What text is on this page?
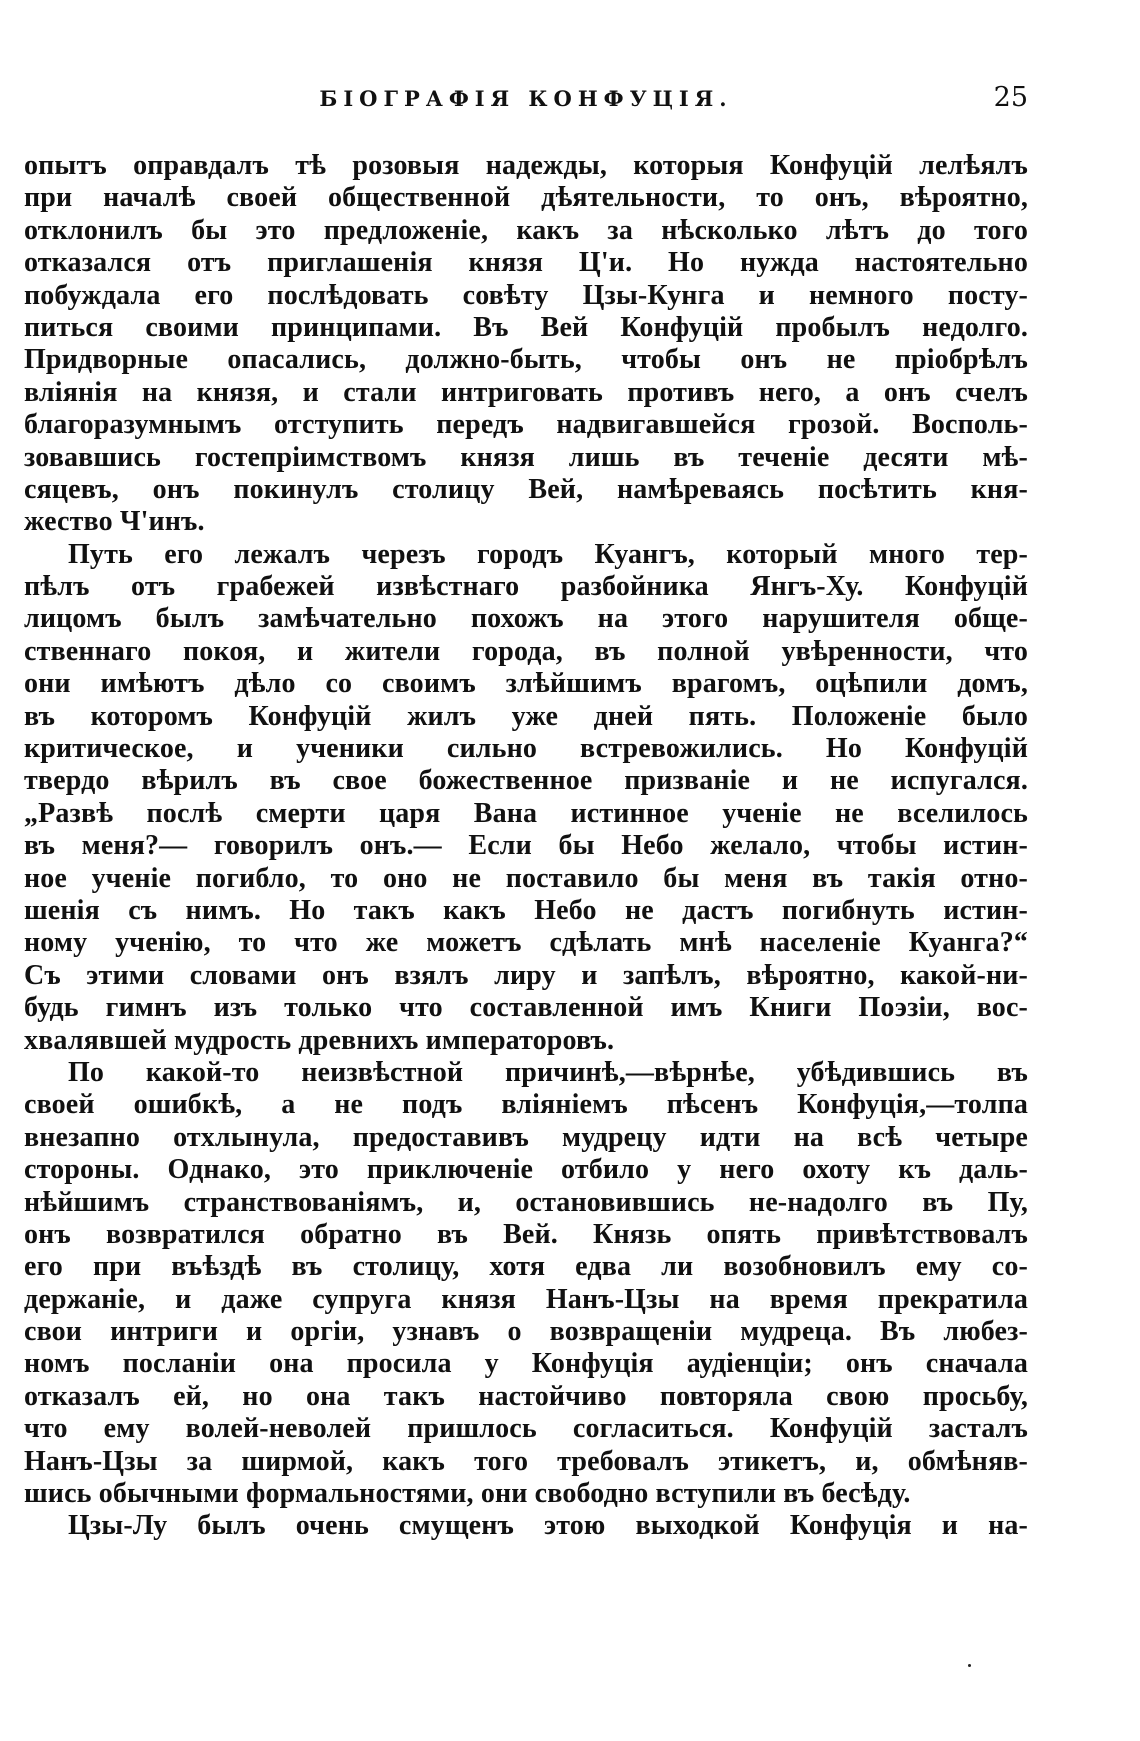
БІОГРАФІЯ КОНФУЦІЯ.	25
опытъ оправдалъ тѣ розовыя надежды, которыя Конфуцій лелѣялъ
при началѣ своей общественной дѣятельности, то онъ, вѣроятно,
отклонилъ бы это предложеніе, какъ за нѣсколько лѣтъ до того
отказался отъ приглашенія князя Ц'и. Но нужда настоятельно
побуждала его послѣдовать совѣту Цзы-Кунга и немного посту-
питься своими принципами. Въ Вей Конфуцій пробылъ недолго.
Придворные опасались, должно-быть, чтобы онъ не пріобрѣлъ
вліянія на князя, и стали интриговать противъ него, а онъ счелъ
благоразумнымъ отступить передъ надвигавшейся грозой. Восполь-
зовавшись гостепріимствомъ князя лишь въ теченіе десяти мѣ-
сяцевъ, онъ покинулъ столицу Вей, намѣреваясь посѣтить кня-
жество Ч'инъ.
Путь его лежалъ черезъ городъ Куангъ, который много тер-
пѣлъ отъ грабежей извѣстнаго разбойника Янгъ-Ху. Конфуцій
лицомъ былъ замѣчательно похожъ на этого нарушителя обще-
ственнаго покоя, и жители города, въ полной увѣренности, что
они имѣютъ дѣло со своимъ злѣйшимъ врагомъ, оцѣпили домъ,
въ которомъ Конфуцій жилъ уже дней пять. Положеніе было
критическое, и ученики сильно встревожились. Но Конфуцій
твердо вѣрилъ въ свое божественное призваніе и не испугался.
„Развѣ послѣ смерти царя Вана истинное ученіе не вселилось
въ меня?— говорилъ онъ.— Если бы Небо желало, чтобы истин-
ное ученіе погибло, то оно не поставило бы меня въ такія отно-
шенія съ нимъ. Но такъ какъ Небо не дастъ погибнуть истин-
ному ученію, то что же можетъ сдѣлать мнѣ населеніе Куанга?“
Съ этими словами онъ взялъ лиру и запѣлъ, вѣроятно, какой-ни-
будь гимнъ изъ только что составленной имъ Книги Поэзіи, вос-
хвалявшей мудрость древнихъ императоровъ.
По какой-то неизвѣстной причинѣ,—вѣрнѣе, убѣдившись въ
своей ошибкѣ, а не подъ вліяніемъ пѣсенъ Конфуція,—толпа
внезапно отхлынула, предоставивъ мудрецу идти на всѣ четыре
стороны. Однако, это приключеніе отбило у него охоту къ даль-
нѣйшимъ странствованіямъ, и, остановившись не-надолго въ Пу,
онъ возвратился обратно въ Вей. Князь опять привѣтствовалъ
его при въѣздѣ въ столицу, хотя едва ли возобновилъ ему со-
держаніе, и даже супруга князя Нанъ-Цзы на время прекратила
свои интриги и оргіи, узнавъ о возвращеніи мудреца. Въ любез-
номъ посланіи она просила у Конфуція аудіенціи; онъ сначала
отказалъ ей, но она такъ настойчиво повторяла свою просьбу,
что ему волей-неволей пришлось согласиться. Конфуцій засталъ
Нанъ-Цзы за ширмой, какъ того требовалъ этикетъ, и, обмѣняв-
шись обычными формальностями, они свободно вступили въ бесѣду.
Цзы-Лу былъ очень смущенъ этою выходкой Конфуція и на-
